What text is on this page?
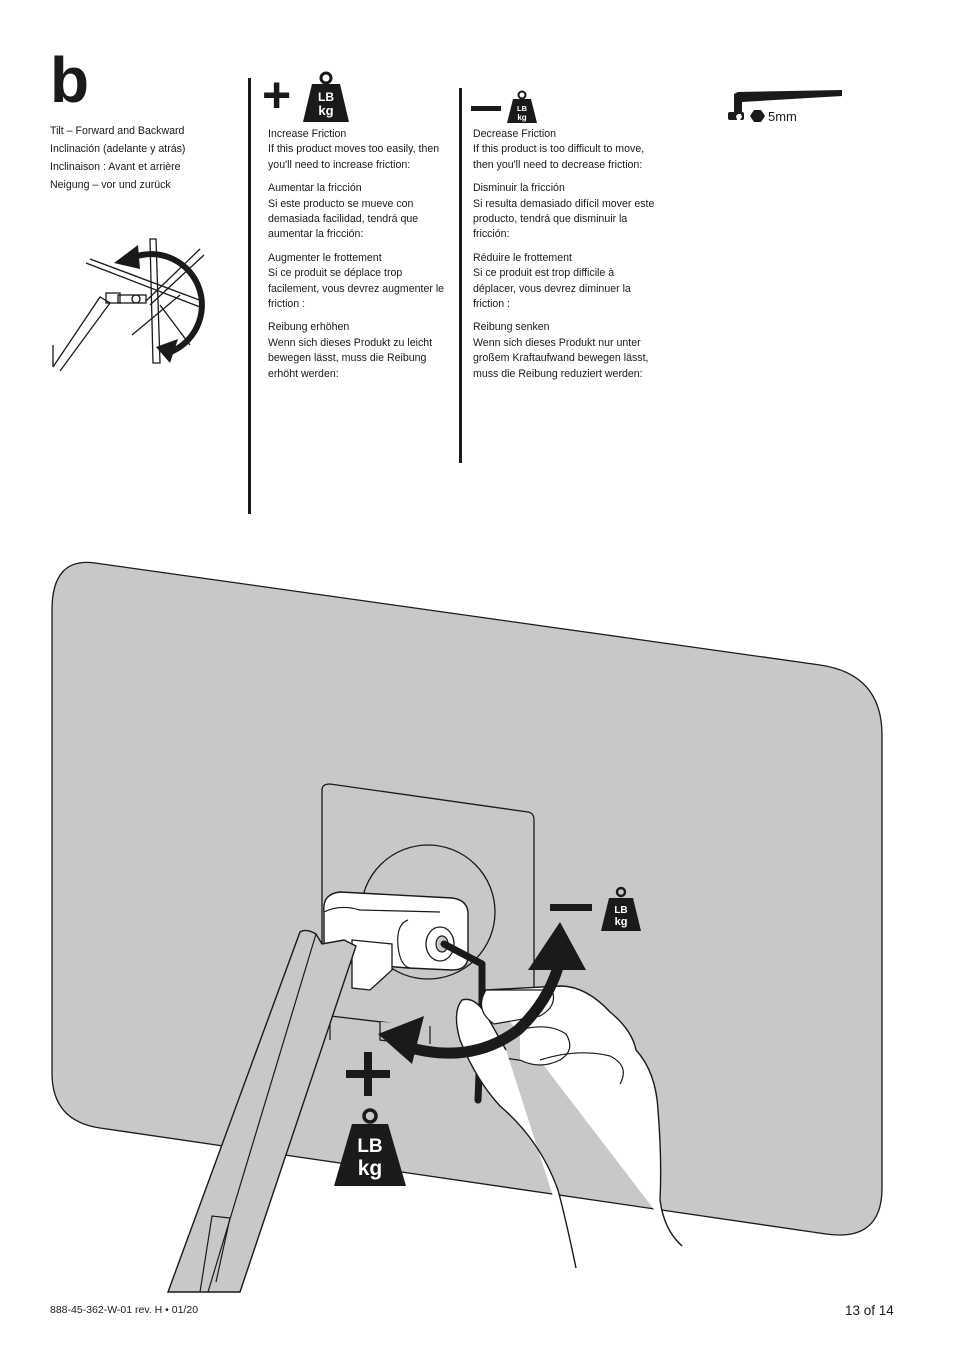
b
Tilt – Forward and Backward
Inclinación (adelante y atrás)
Inclinaison : Avant et arrière
Neigung – vor und zurück
+ LB
kg

Increase Friction
If this product moves too easily, then you'll need to increase friction:

Aumentar la fricción
Si este producto se mueve con demasiada facilidad, tendrá que aumentar la fricción:

Augmenter le frottement
Si ce produit se déplace trop facilement, vous devrez augmenter le friction :

Reibung erhöhen
Wenn sich dieses Produkt zu leicht bewegen lässt, muss die Reibung erhöht werden:

LB
kg

Decrease Friction
If this product is too difficult to move, then you'll need to decrease friction:

Disminuir la fricción
Si resulta demasiado difícil mover este producto, tendrá que disminuir la fricción:

Réduire le frottement
Si ce produit est trop difficile à déplacer, vous devrez diminuer la friction :

Reibung senken
Wenn sich dieses Produkt nur unter großem Kraftaufwand bewegen lässt, muss die Reibung reduziert werden:

5mm
LB
kg
LB
kg
888-45-362-W-01 rev. H • 01/20	13 of 14
